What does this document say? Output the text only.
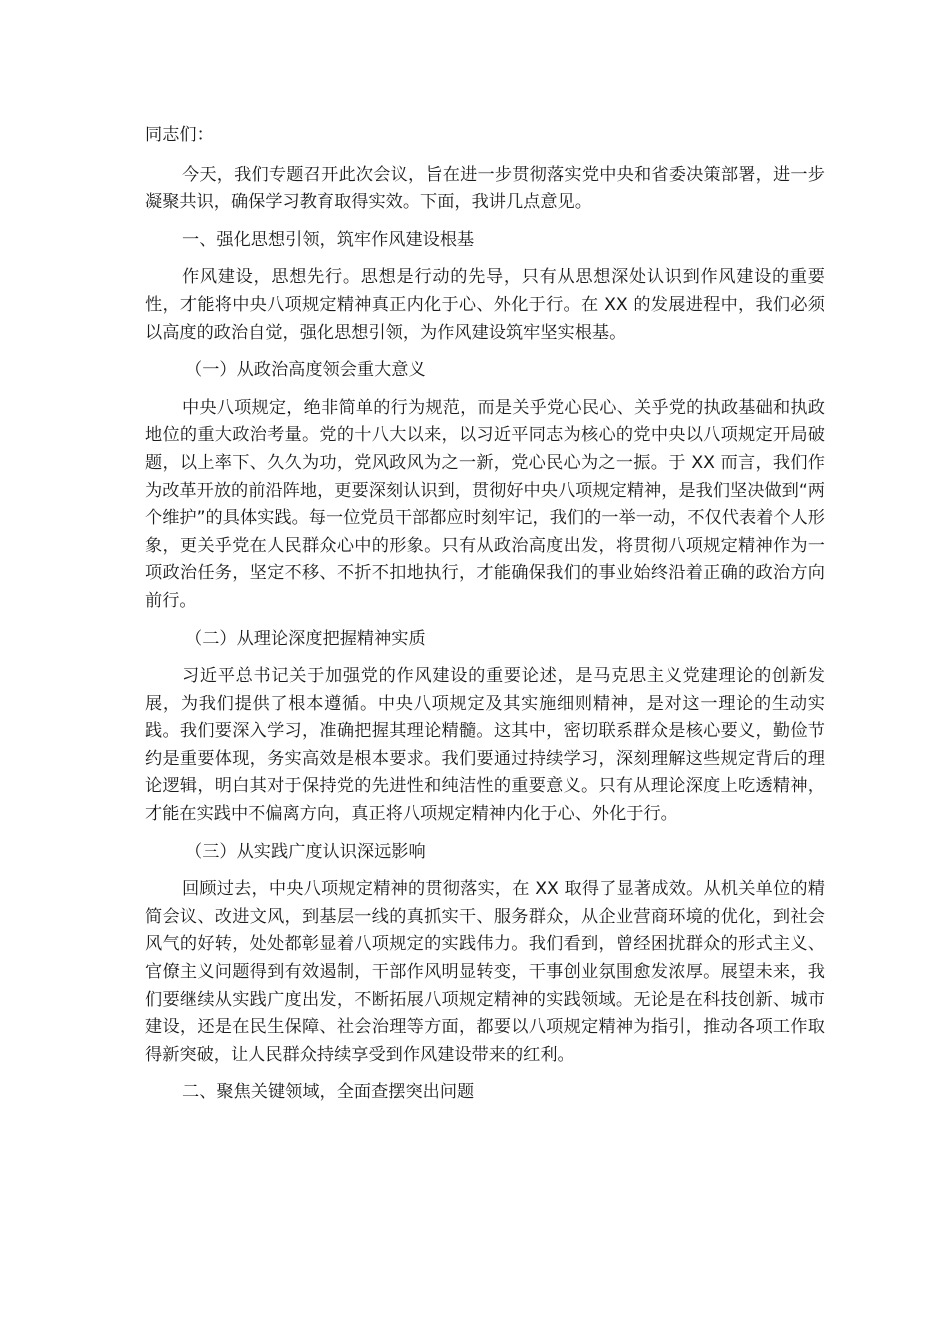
同志们：

今天，我们专题召开此次会议，旨在进一步贯彻落实党中央和省委决策部署，进一步凝聚共识，确保学习教育取得实效。下面，我讲几点意见。

一、强化思想引领，筑牢作风建设根基

作风建设，思想先行。思想是行动的先导，只有从思想深处认识到作风建设的重要性，才能将中央八项规定精神真正内化于心、外化于行。在 XX 的发展进程中，我们必须以高度的政治自觉，强化思想引领，为作风建设筑牢坚实根基。

（一）从政治高度领会重大意义

中央八项规定，绝非简单的行为规范，而是关乎党心民心、关乎党的执政基础和执政地位的重大政治考量。党的十八大以来，以习近平同志为核心的党中央以八项规定开局破题，以上率下、久久为功，党风政风为之一新，党心民心为之一振。于 XX 而言，我们作为改革开放的前沿阵地，更要深刻认识到，贯彻好中央八项规定精神，是我们坚决做到“两个维护”的具体实践。每一位党员干部都应时刻牢记，我们的一举一动，不仅代表着个人形象，更关乎党在人民群众心中的形象。只有从政治高度出发，将贯彻八项规定精神作为一项政治任务，坚定不移、不折不扣地执行，才能确保我们的事业始终沿着正确的政治方向前行。

（二）从理论深度把握精神实质

习近平总书记关于加强党的作风建设的重要论述，是马克思主义党建理论的创新发展，为我们提供了根本遵循。中央八项规定及其实施细则精神，是对这一理论的生动实践。我们要深入学习，准确把握其理论精髓。这其中，密切联系群众是核心要义，勤俭节约是重要体现，务实高效是根本要求。我们要通过持续学习，深刻理解这些规定背后的理论逻辑，明白其对于保持党的先进性和纯洁性的重要意义。只有从理论深度上吃透精神，才能在实践中不偏离方向，真正将八项规定精神内化于心、外化于行。

（三）从实践广度认识深远影响

回顾过去，中央八项规定精神的贯彻落实，在 XX 取得了显著成效。从机关单位的精简会议、改进文风，到基层一线的真抓实干、服务群众，从企业营商环境的优化，到社会风气的好转，处处都彰显着八项规定的实践伟力。我们看到，曾经困扰群众的形式主义、官僚主义问题得到有效遏制，干部作风明显转变，干事创业氛围愈发浓厚。展望未来，我们要继续从实践广度出发，不断拓展八项规定精神的实践领域。无论是在科技创新、城市建设，还是在民生保障、社会治理等方面，都要以八项规定精神为指引，推动各项工作取得新突破，让人民群众持续享受到作风建设带来的红利。

二、聚焦关键领域，全面查摆突出问题
